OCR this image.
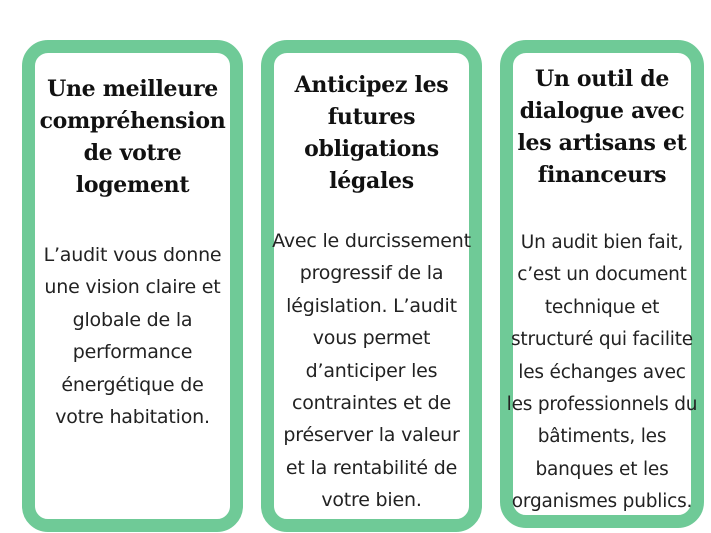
Une meilleure
compréhension
de votre
logement
L’audit vous donne
une vision claire et
globale de la
performance
énergétique de
votre habitation.
Anticipez les
futures
obligations
légales
Avec le durcissement
progressif de la
législation. L’audit
vous permet
d’anticiper les
contraintes et de
préserver la valeur
et la rentabilité de
votre bien.
Un outil de
dialogue avec
les artisans et
financeurs
Un audit bien fait,
c’est un document
technique et
structuré qui facilite
les échanges avec
les professionnels du
bâtiments, les
banques et les
organismes publics.
